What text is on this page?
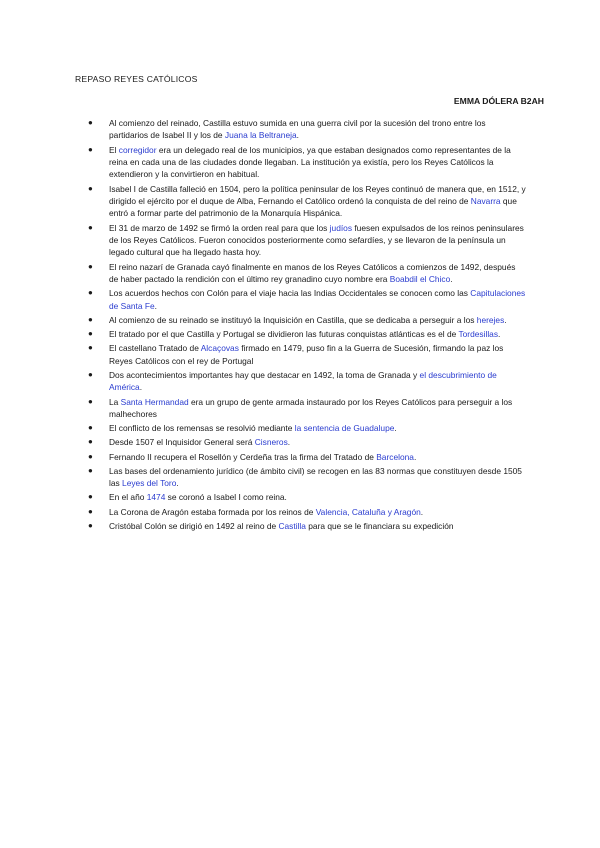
REPASO REYES CATÓLICOS
EMMA DÓLERA B2AH
● Al comienzo del reinado, Castilla estuvo sumida en una guerra civil por la sucesión del trono entre los partidarios de Isabel II y los de Juana la Beltraneja.
● El corregidor era un delegado real de los municipios, ya que estaban designados como representantes de la reina en cada una de las ciudades donde llegaban. La institución ya existía, pero los Reyes Católicos la extendieron y la convirtieron en habitual.
● Isabel I de Castilla falleció en 1504, pero la política peninsular de los Reyes continuó de manera que, en 1512, y dirigido el ejército por el duque de Alba, Fernando el Católico ordenó la conquista de del reino de Navarra que entró a formar parte del patrimonio de la Monarquía Hispánica.
● El 31 de marzo de 1492 se firmó la orden real para que los judíos fuesen expulsados de los reinos peninsulares de los Reyes Católicos. Fueron conocidos posteriormente como sefardíes, y se llevaron de la península un legado cultural que ha llegado hasta hoy.
● El reino nazarí de Granada cayó finalmente en manos de los Reyes Católicos a comienzos de 1492, después de haber pactado la rendición con el último rey granadino cuyo nombre era Boabdil el Chico.
● Los acuerdos hechos con Colón para el viaje hacia las Indias Occidentales se conocen como las Capitulaciones de Santa Fe.
● Al comienzo de su reinado se instituyó la Inquisición en Castilla, que se dedicaba a perseguir a los herejes.
● El tratado por el que Castilla y Portugal se dividieron las futuras conquistas atlánticas es el de Tordesillas.
● El castellano Tratado de Alcaçovas firmado en 1479, puso fin a la Guerra de Sucesión, firmando la paz los Reyes Católicos con el rey de Portugal
● Dos acontecimientos importantes hay que destacar en 1492, la toma de Granada y el descubrimiento de América.
● La Santa Hermandad era un grupo de gente armada instaurado por los Reyes Católicos para perseguir a los malhechores
● El conflicto de los remensas se resolvió mediante la sentencia de Guadalupe.
● Desde 1507 el Inquisidor General será Cisneros.
● Fernando II recupera el Rosellón y Cerdeña tras la firma del Tratado de Barcelona.
● Las bases del ordenamiento jurídico (de ámbito civil) se recogen en las 83 normas que constituyen desde 1505 las Leyes del Toro.
● En el año 1474 se coronó a Isabel I como reina.
● La Corona de Aragón estaba formada por los reinos de Valencia, Cataluña y Aragón.
● Cristóbal Colón se dirigió en 1492 al reino de Castilla para que se le financiara su expedición
